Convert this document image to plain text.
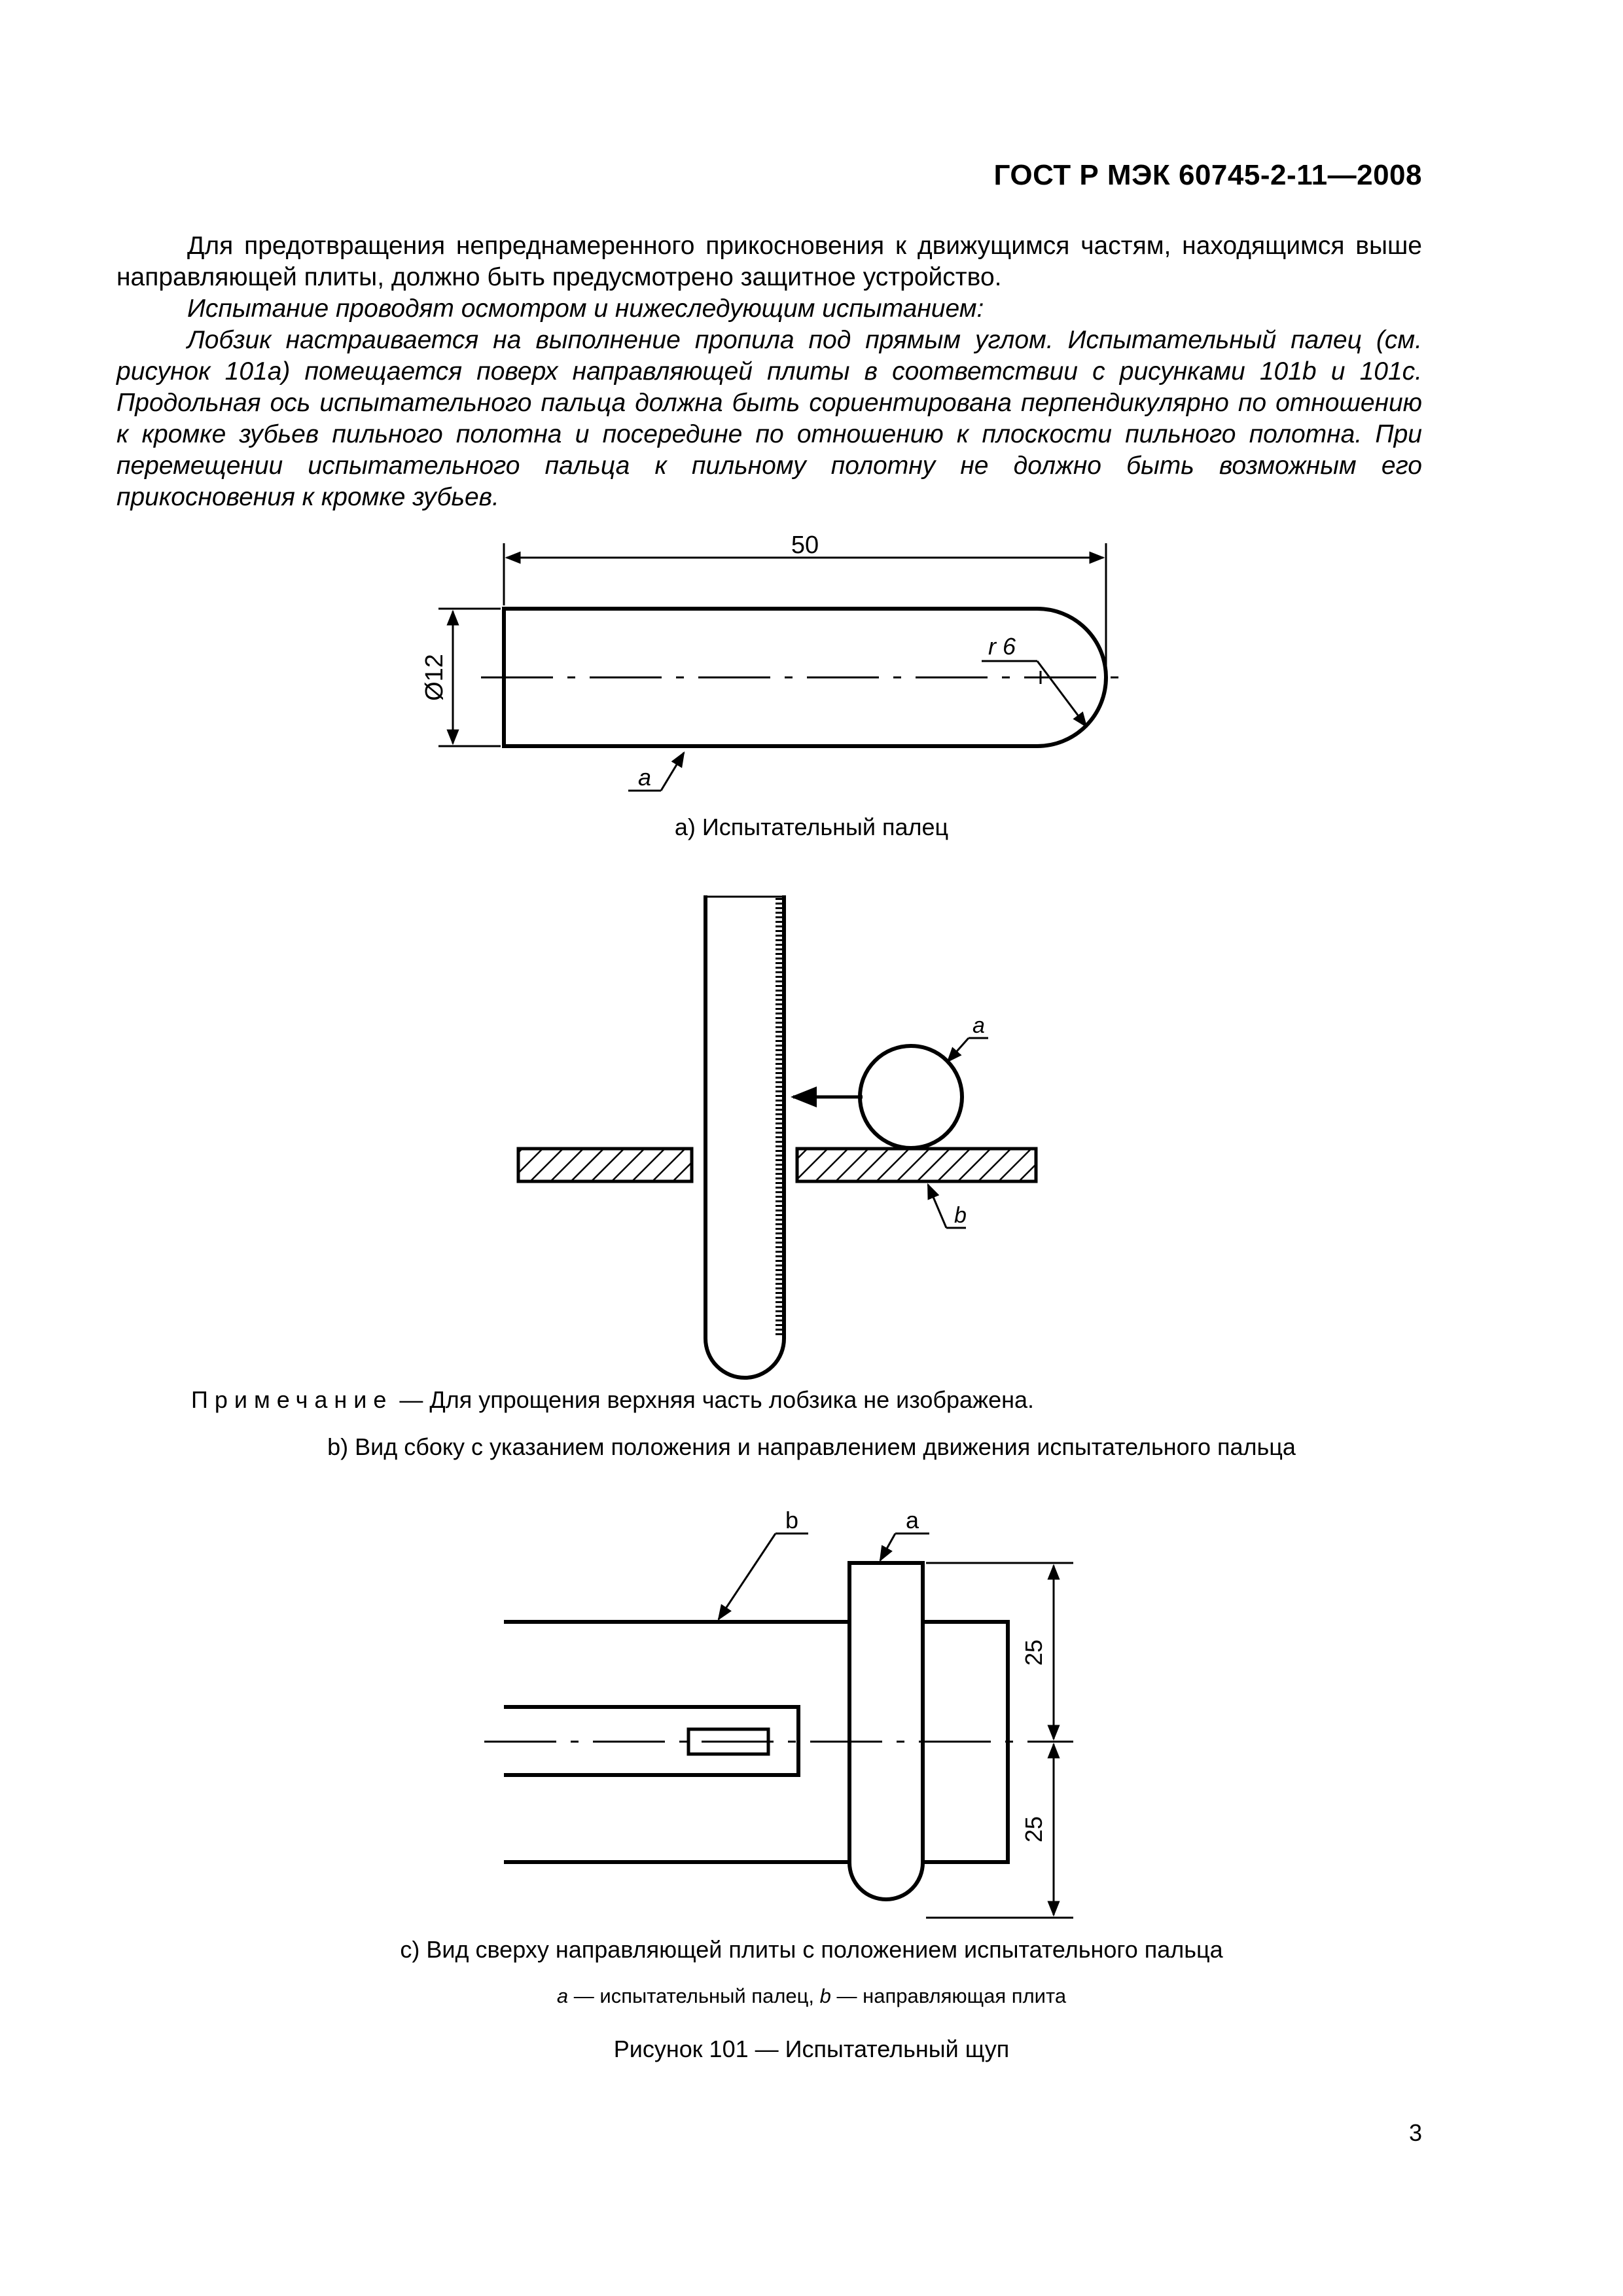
ГОСТ Р МЭК 60745-2-11—2008

Для предотвращения непреднамеренного прикосновения к движущимся частям, находящимся выше направляющей плиты, должно быть предусмотрено защитное устройство.

Испытание проводят осмотром и нижеследующим испытанием:

Лобзик настраивается на выполнение пропила под прямым углом. Испытательный палец (см. рисунок 101а) помещается поверх направляющей плиты в соответствии с рисунками 101b и 101c. Продольная ось испытательного пальца должна быть сориентирована перпендикулярно по отношению к кромке зубьев пильного полотна и посередине по отношению к плоскости пильного полотна. При перемещении испытательного пальца к пильному полотну не должно быть возможным его прикосновения к кромке зубьев.

50
Ø12
r 6
a
a
b
25
25
b	a
а) Испытательный палец
Примечание — Для упрощения верхняя часть лобзика не изображена.
b) Вид сбоку с указанием положения и направлением движения испытательного пальца
с) Вид сверху направляющей плиты с положением испытательного пальца
a — испытательный палец, b — направляющая плита
Рисунок 101 — Испытательный щуп
3
